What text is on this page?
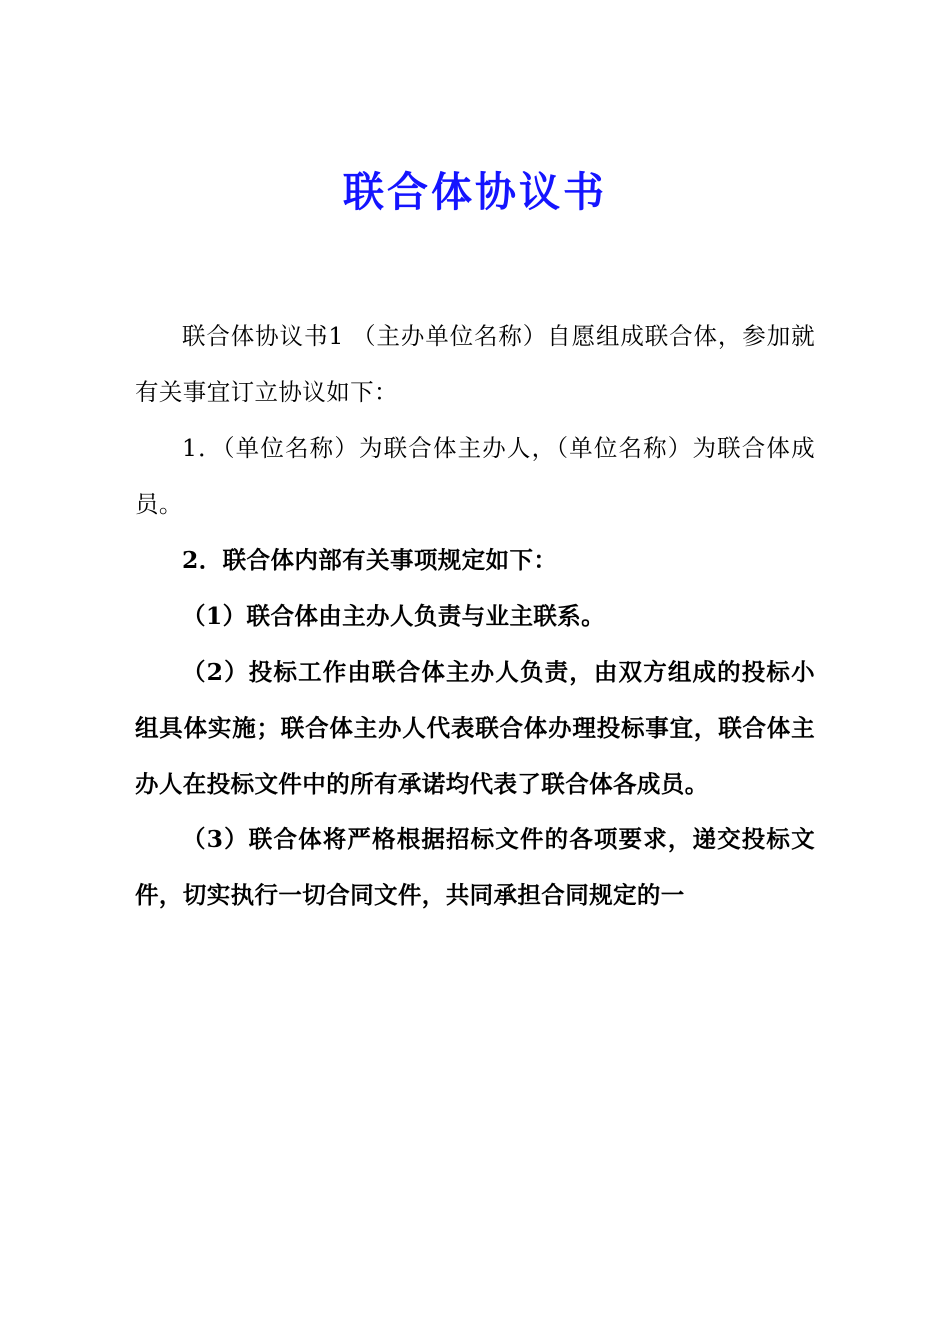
联合体协议书

联合体协议书1 （主办单位名称）自愿组成联合体，参加就有关事宜订立协议如下：

1．（单位名称）为联合体主办人，（单位名称）为联合体成员。

2．联合体内部有关事项规定如下：

（1）联合体由主办人负责与业主联系。

（2）投标工作由联合体主办人负责，由双方组成的投标小组具体实施；联合体主办人代表联合体办理投标事宜，联合体主办人在投标文件中的所有承诺均代表了联合体各成员。

（3）联合体将严格根据招标文件的各项要求，递交投标文件，切实执行一切合同文件，共同承担合同规定的一
